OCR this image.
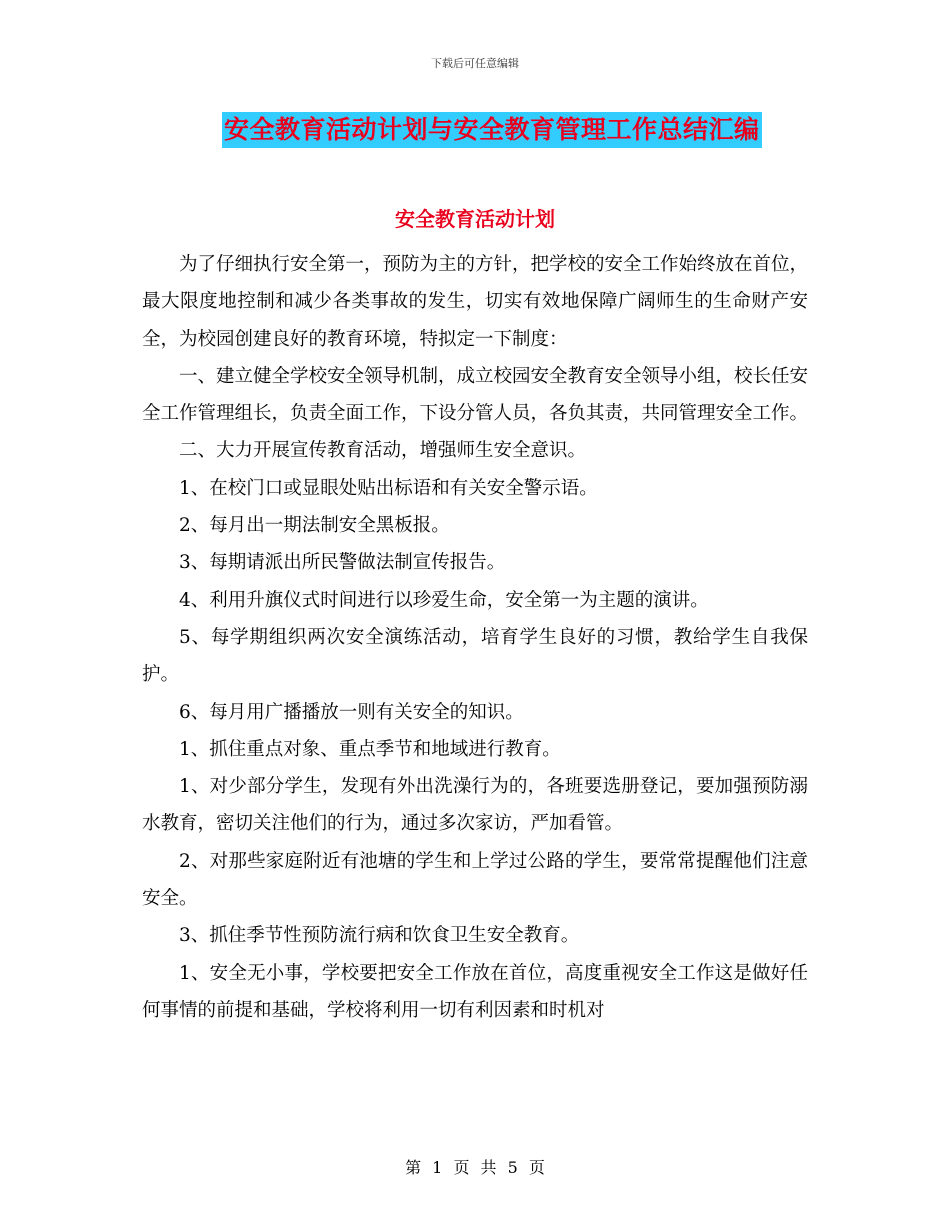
下载后可任意编辑
安全教育活动计划与安全教育管理工作总结汇编
安全教育活动计划

为了仔细执行安全第一，预防为主的方针，把学校的安全工作始终放在首位，最大限度地控制和减少各类事故的发生，切实有效地保障广阔师生的生命财产安全，为校园创建良好的教育环境，特拟定一下制度：

一、建立健全学校安全领导机制，成立校园安全教育安全领导小组，校长任安全工作管理组长，负责全面工作，下设分管人员，各负其责，共同管理安全工作。

二、大力开展宣传教育活动，增强师生安全意识。

1、在校门口或显眼处贴出标语和有关安全警示语。

2、每月出一期法制安全黑板报。

3、每期请派出所民警做法制宣传报告。

4、利用升旗仪式时间进行以珍爱生命，安全第一为主题的演讲。

5、每学期组织两次安全演练活动，培育学生良好的习惯，教给学生自我保护。

6、每月用广播播放一则有关安全的知识。

1、抓住重点对象、重点季节和地域进行教育。

1、对少部分学生，发现有外出洗澡行为的，各班要选册登记，要加强预防溺水教育，密切关注他们的行为，通过多次家访，严加看管。

2、对那些家庭附近有池塘的学生和上学过公路的学生，要常常提醒他们注意安全。

3、抓住季节性预防流行病和饮食卫生安全教育。

1、安全无小事，学校要把安全工作放在首位，高度重视安全工作这是做好任何事情的前提和基础，学校将利用一切有利因素和时机对

第 1 页 共 5 页
